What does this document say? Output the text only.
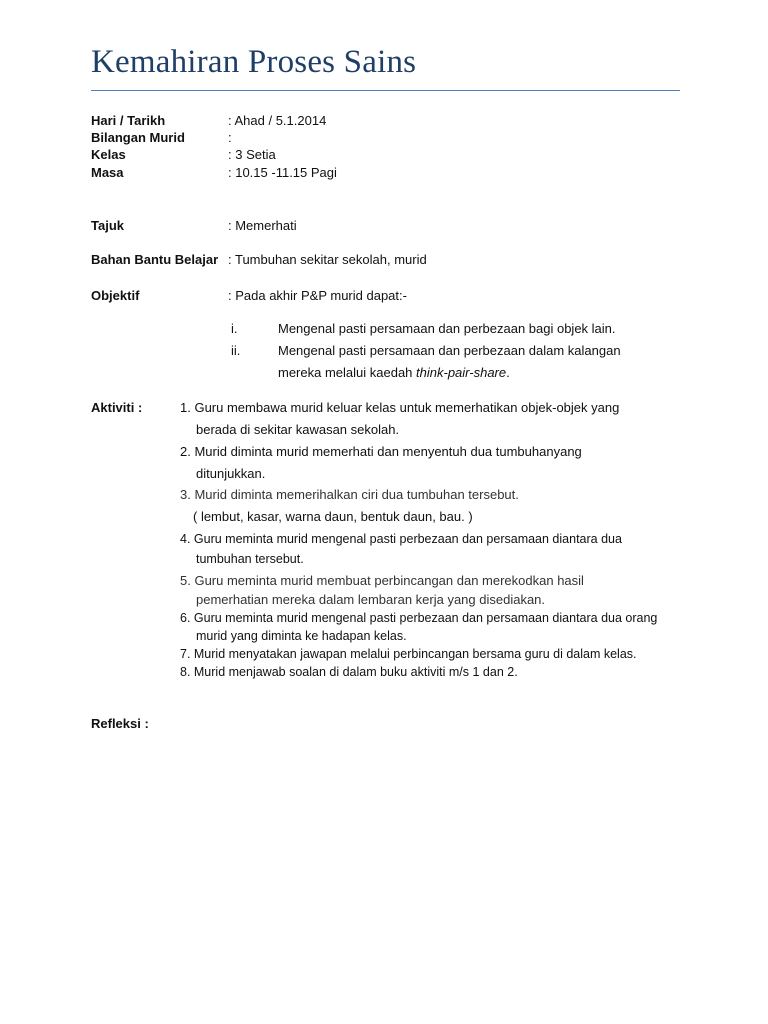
Kemahiran Proses Sains
Hari / Tarikh	: Ahad / 5.1.2014
Bilangan Murid	:
Kelas	: 3 Setia
Masa	: 10.15 -11.15 Pagi
Tajuk	: Memerhati
Bahan Bantu Belajar : Tumbuhan sekitar sekolah, murid
Objektif	: Pada akhir P&P murid dapat:-
i.	Mengenal pasti persamaan dan perbezaan bagi objek lain.
ii.	Mengenal pasti persamaan dan perbezaan dalam kalangan
mereka melalui kaedah think-pair-share.
Aktiviti :	1. Guru membawa murid keluar kelas untuk memerhatikan objek-objek yang
berada di sekitar kawasan sekolah.
2. Murid diminta murid memerhati dan menyentuh dua tumbuhanyang
ditunjukkan.
3. Murid diminta memerihalkan ciri dua tumbuhan tersebut.
( lembut, kasar, warna daun, bentuk daun, bau. )
4. Guru meminta murid mengenal pasti perbezaan dan persamaan diantara dua
tumbuhan tersebut.
5. Guru meminta murid membuat perbincangan dan merekodkan hasil
pemerhatian mereka dalam lembaran kerja yang disediakan.
6. Guru meminta murid mengenal pasti perbezaan dan persamaan diantara dua orang
murid yang diminta ke hadapan kelas.
7. Murid menyatakan jawapan melalui perbincangan bersama guru di dalam kelas.
8. Murid menjawab soalan di dalam buku aktiviti m/s 1 dan 2.
Refleksi :
